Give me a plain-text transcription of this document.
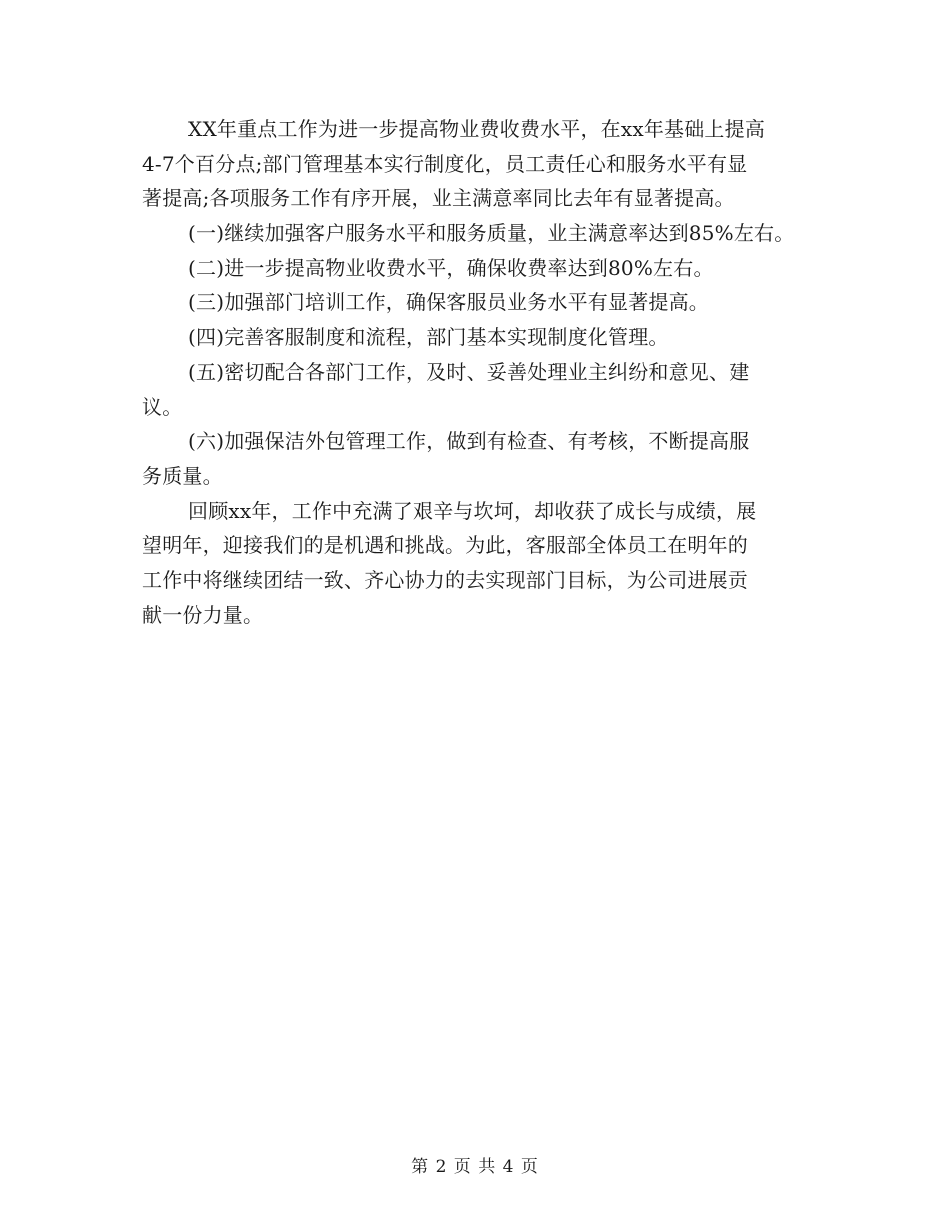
XX年重点工作为进一步提高物业费收费水平，在xx年基础上提高
4-7个百分点;部门管理基本实行制度化，员工责任心和服务水平有显
著提高;各项服务工作有序开展，业主满意率同比去年有显著提高。
(一)继续加强客户服务水平和服务质量，业主满意率达到85%左右。
(二)进一步提高物业收费水平，确保收费率达到80%左右。
(三)加强部门培训工作，确保客服员业务水平有显著提高。
(四)完善客服制度和流程，部门基本实现制度化管理。
(五)密切配合各部门工作，及时、妥善处理业主纠纷和意见、建
议。
(六)加强保洁外包管理工作，做到有检查、有考核，不断提高服
务质量。
回顾xx年，工作中充满了艰辛与坎坷，却收获了成长与成绩，展
望明年，迎接我们的是机遇和挑战。为此，客服部全体员工在明年的
工作中将继续团结一致、齐心协力的去实现部门目标，为公司进展贡
献一份力量。
第 2 页 共 4 页
